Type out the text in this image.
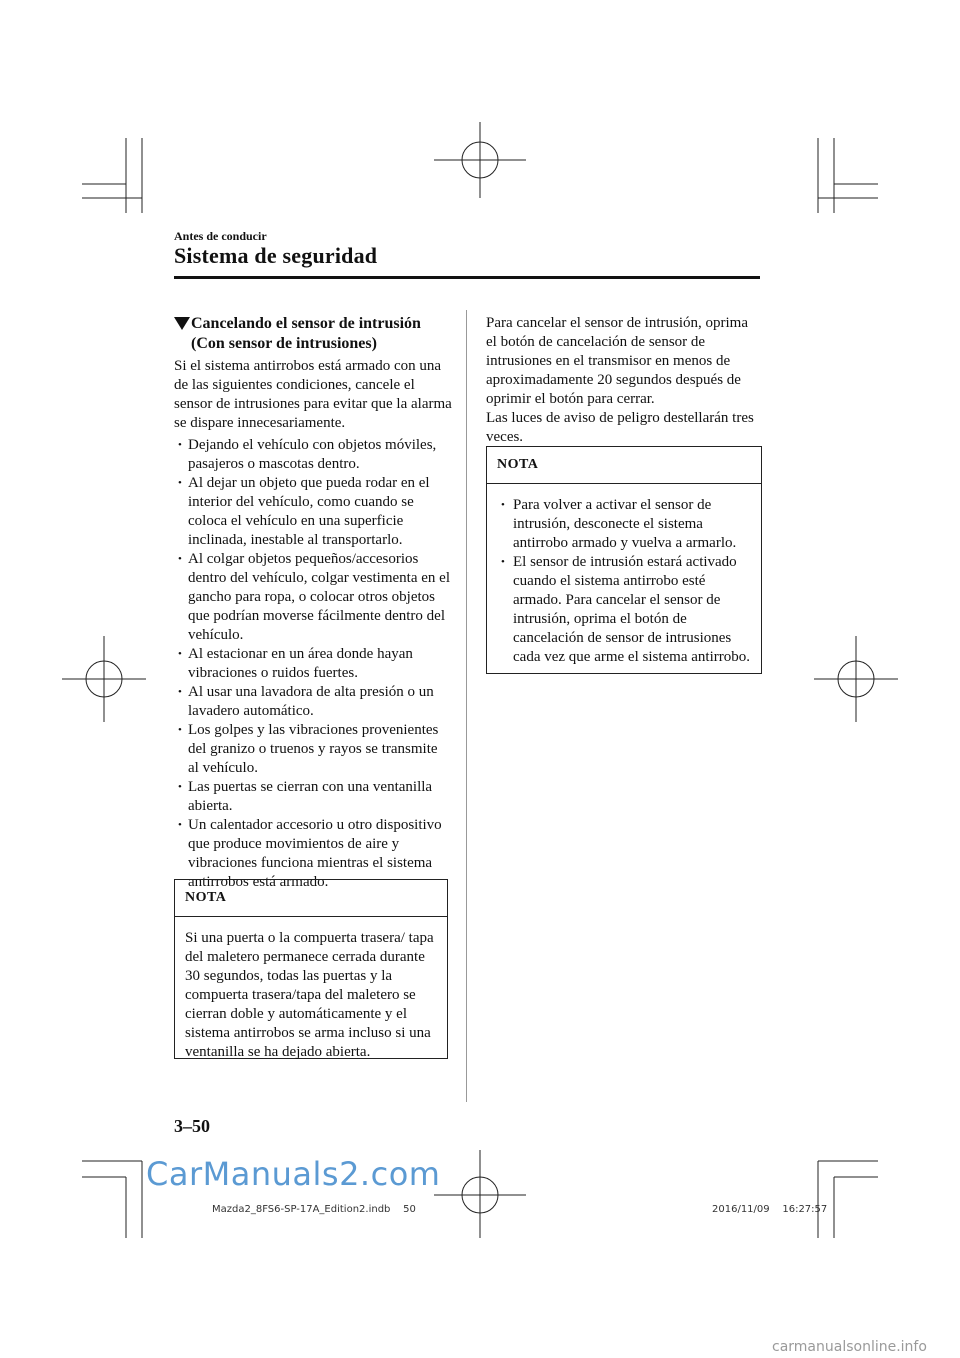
Antes de conducir
Sistema de seguridad
Cancelando el sensor de intrusión
(Con sensor de intrusiones)
Si el sistema antirrobos está armado con una de las siguientes condiciones, cancele el sensor de intrusiones para evitar que la alarma se dispare innecesariamente.
• Dejando el vehículo con objetos móviles, pasajeros o mascotas dentro.
• Al dejar un objeto que pueda rodar en el interior del vehículo, como cuando se coloca el vehículo en una superficie inclinada, inestable al transportarlo.
• Al colgar objetos pequeños/accesorios dentro del vehículo, colgar vestimenta en el gancho para ropa, o colocar otros objetos que podrían moverse fácilmente dentro del vehículo.
• Al estacionar en un área donde hayan vibraciones o ruidos fuertes.
• Al usar una lavadora de alta presión o un lavadero automático.
• Los golpes y las vibraciones provenientes del granizo o truenos y rayos se transmite al vehículo.
• Las puertas se cierran con una ventanilla abierta.
• Un calentador accesorio u otro dispositivo que produce movimientos de aire y vibraciones funciona mientras el sistema antirrobos está armado.
NOTA
Si una puerta o la compuerta trasera/ tapa del maletero permanece cerrada durante 30 segundos, todas las puertas y la compuerta trasera/tapa del maletero se cierran doble y automáticamente y el sistema antirrobos se arma incluso si una ventanilla se ha dejado abierta.
Para cancelar el sensor de intrusión, oprima el botón de cancelación de sensor de intrusiones en el transmisor en menos de aproximadamente 20 segundos después de oprimir el botón para cerrar.
Las luces de aviso de peligro destellarán tres veces.
NOTA
• Para volver a activar el sensor de intrusión, desconecte el sistema antirrobo armado y vuelva a armarlo.
• El sensor de intrusión estará activado cuando el sistema antirrobo esté armado. Para cancelar el sensor de intrusión, oprima el botón de cancelación de sensor de intrusiones cada vez que arme el sistema antirrobo.
3–50
CarManuals2.com
Mazda2_8FS6-SP-17A_Edition2.indb    50	2016/11/09    16:27:57
carmanualsonline.info
